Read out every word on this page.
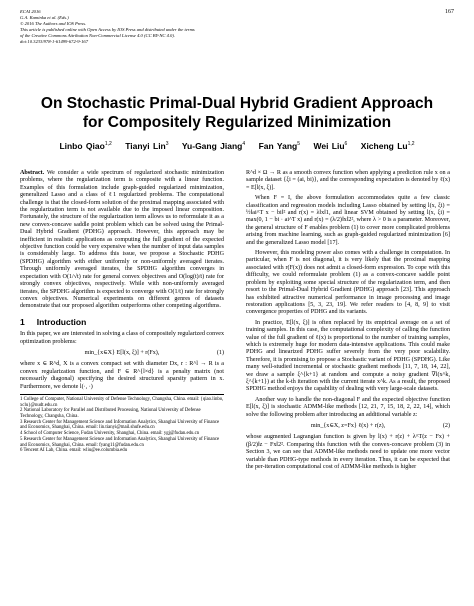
ECAI 2016
G.A. Kaminka et al. (Eds.)
© 2016 The Authors and IOS Press.
This article is published online with Open Access by IOS Press and distributed under the terms
of the Creative Commons Attribution Non-Commercial License 4.0 (CC BY-NC 4.0).
doi:10.3233/978-1-61499-672-9-167
167
On Stochastic Primal-Dual Hybrid Gradient Approach
for Compositely Regularized Minimization
Linbo Qiao$^{1,2}$ Tianyi Lin$^3$ Yu-Gang Jiang$^4$ Fan Yang$^5$ Wei Liu$^6$ Xicheng Lu$^{1,2}$

Abstract. We consider a wide spectrum of regularized stochastic minimization problems, where the regularization term is composite with a linear function. Examples of this formulation include graph-guided regularized minimization, generalized Lasso and a class of ℓ1 regularized problems. The computational challenge is that the closed-form solution of the proximal mapping associated with the regularization term is not available due to the imposed linear composition. Fortunately, the structure of the regularization term allows us to reformulate it as a new convex-concave saddle point problem which can be solved using the Primal-Dual Hybrid Gradient (PDHG) approach. However, this approach may be inefficient in realistic applications as computing the full gradient of the expected objective function could be very expensive when the number of input data samples is considerably large. To address this issue, we propose a Stochastic PDHG (SPDHG) algorithm with either uniformly or non-uniformly averaged iterates. Through uniformly averaged iterates, the SPDHG algorithm converges in expectation with O(1/√t) rate for general convex objectives and O(log(t)/t) rate for strongly convex objectives, respectively. While with non-uniformly averaged iterates, the SPDHG algorithm is expected to converge with O(1/t) rate for strongly convex objectives. Numerical experiments on different genres of datasets demonstrate that our proposed algorithm outperforms other competing algorithms.

1 Introduction

In this paper, we are interested in solving a class of compositely regularized convex optimization problems:

min_{x∈X} E[l(x, ξ)] + r(Fx),	(1)

where x ∈ R^d, X is a convex compact set with diameter Dx, r : R^l → R is a convex regularization function, and F ∈ R^{l×d} is a penalty matrix (not necessarily diagonal) specifying the desired structured sparsity pattern in x. Furthermore, we denote l(·, ·)

1 College of Computer, National University of Defense Technology, Changsha, China. email: {qiao.linbo, xclu}@nudt.edu.cn
2 National Laboratory for Parallel and Distributed Processing, National University of Defense Technology, Changsha, China.
3 Research Center for Management Science and Information Analytics, Shanghai University of Finance and Economics, Shanghai, China. email: lin.tianyi@mail.shufe.edu.cn
4 School of Computer Science, Fudan University, Shanghai, China. email: ygj@fudan.edu.cn
5 Research Center for Management Science and Information Analytics, Shanghai University of Finance and Economics, Shanghai, China. email: fyang11@fudan.edu.cn
6 Tencent AI Lab, China. email: wliu@ee.columbia.edu

R^d × Ω → R as a smooth convex function when applying a prediction rule x on a sample dataset {ξi = (ai, bi)}, and the corresponding expectation is denoted by ℓ(x) = E[l(x, ξ)].

When F = I, the above formulation accommodates quite a few classic classification and regression models including Lasso obtained by setting l(x, ξi) = ½‖ai^T x − bi‖² and r(x) = λ‖x‖1, and linear SVM obtained by setting l(x, ξi) = max(0, 1 − bi · ai^T x) and r(x) = (λ/2)‖x‖2², where λ > 0 is a parameter. Moreover, the general structure of F enables problem (1) to cover more complicated problems arising from machine learning, such as graph-guided regularized minimization [6] and the generalized Lasso model [17].

However, this modeling power also comes with a challenge in computation. In particular, when F is not diagonal, it is very likely that the proximal mapping associated with r(F(x)) does not admit a closed-form expression. To cope with this difficulty, we could reformulate problem (1) as a convex-concave saddle point problem by exploiting some special structure of the regularization term, and then resort to the Primal-Dual Hybrid Gradient (PDHG) approach [23]. This approach has exhibited attractive numerical performance in image processing and image restoration applications [5, 3, 23, 19]. We refer readers to [4, 8, 9] to visit convergence properties of PDHG and its variants.

In practice, E[l(x, ξ)] is often replaced by its empirical average on a set of training samples. In this case, the computational complexity of calling the function value of the full gradient of ℓ(x) is proportional to the number of training samples, which is extremely huge for modern data-intensive applications. This could make PDHG and linearized PDHG suffer severely from the very poor scalability. Therefore, it is promising to propose a Stochastic variant of PDHG (SPDHG). Like many well-studied incremental or stochastic gradient methods [11, 7, 18, 14, 22], we draw a sample ξ^{k+1} at random and compute a noisy gradient ∇l(x^k, ξ^{k+1}) at the k-th iteration with the current iterate x^k. As a result, the proposed SPDHG method enjoys the capability of dealing with very large-scale datasets.

Another way to handle the non-diagonal F and the expected objective function E[l(x, ξ)] is stochastic ADMM-like methods [12, 21, 7, 15, 18, 2, 22, 14], which solve the following problem after introducing an additional variable z:

min_{x∈X, z=Fx} ℓ(x) + r(z),	(2)

whose augmented Lagrangian function is given by l(x) + r(z) + λ^T(z − Fx) + (β/2)‖z − Fx‖2². Comparing this function with the convex-concave problem (3) in Section 3, we can see that ADMM-like methods need to update one more vector variable than PDHG-type methods in every iteration. Thus, it can be expected that the per-iteration computational cost of ADMM-like methods is higher
